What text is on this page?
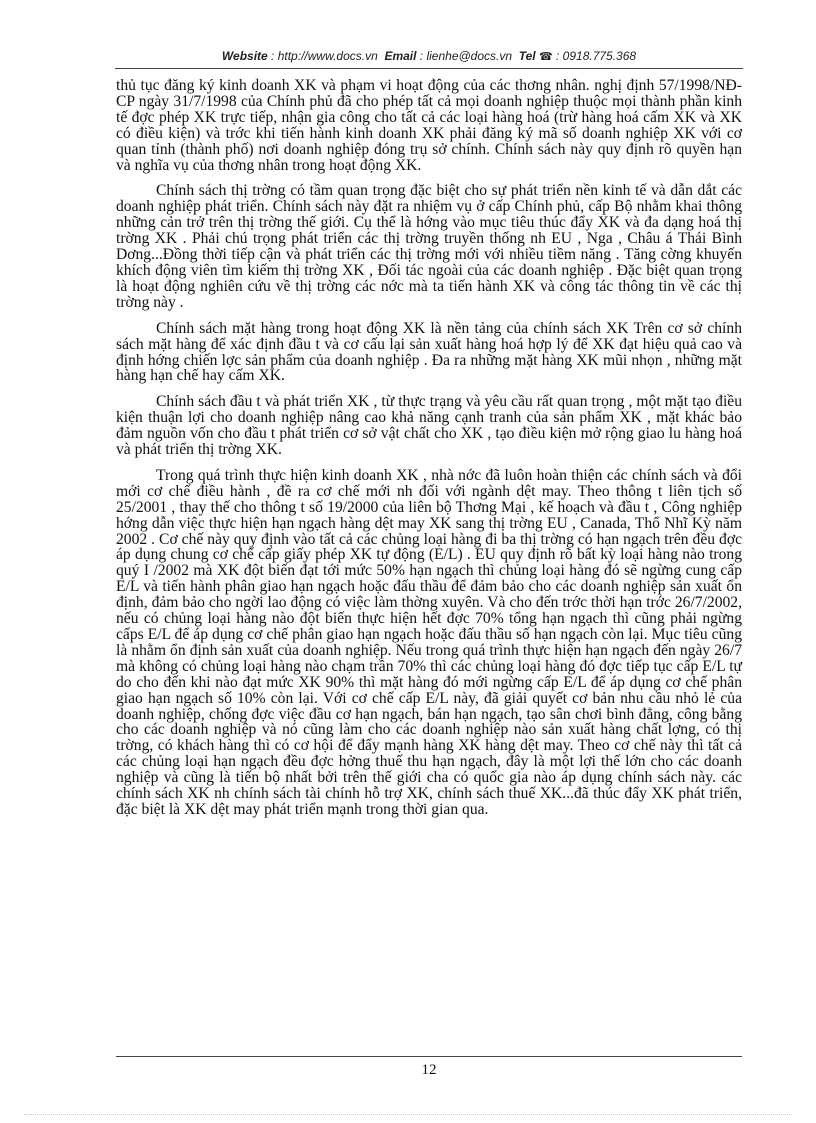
Website : http://www.docs.vn Email : lienhe@docs.vn Tel ☎ : 0918.775.368

thủ tục đăng ký kinh doanh XK và phạm vi hoạt động của các thơng nhân. nghị định 57/1998/NĐ-CP ngày 31/7/1998 của Chính phủ đã cho phép tất cả mọi doanh nghiệp thuộc mọi thành phần kinh tế đợc phép XK trực tiếp, nhận gia công cho tất cả các loại hàng hoá (trừ hàng hoá cấm XK và XK có điều kiện) và trớc khi tiến hành kinh doanh XK phải đăng ký mã số doanh nghiệp XK với cơ quan tỉnh (thành phố) nơi doanh nghiệp đóng trụ sở chính. Chính sách này quy định rõ quyền hạn và nghĩa vụ của thơng nhân trong hoạt động XK.

Chính sách thị trờng có tầm quan trọng đặc biệt cho sự phát triển nền kinh tế và dẫn dắt các doanh nghiệp phát triển. Chính sách này đặt ra nhiệm vụ ở cấp Chính phủ, cấp Bộ nhằm khai thông những cản trở trên thị trờng thế giới. Cụ thể là hớng vào mục tiêu thúc đẩy XK và đa dạng hoá thị trờng XK . Phải chú trọng phát triển các thị trờng truyền thống nh EU , Nga , Châu á Thái Bình Dơng...Đồng thời tiếp cận và phát triển các thị trờng mới với nhiều tiềm năng . Tăng cờng khuyến khích động viên tìm kiếm thị trờng XK , Đối tác ngoài của các doanh nghiệp . Đặc biệt quan trọng là hoạt động nghiên cứu về thị trờng các nớc mà ta tiến hành XK và công tác thông tin về các thị trờng này .

Chính sách mặt hàng trong hoạt động XK là nền tảng của chính sách XK Trên cơ sở chính sách mặt hàng để xác định đầu t và cơ cấu lại sản xuất hàng hoá hợp lý để XK đạt hiệu quả cao và định hớng chiến lợc sản phẩm của doanh nghiệp . Đa ra những mặt hàng XK mũi nhọn , những mặt hàng hạn chế hay cấm XK.

Chính sách đầu t và phát triển XK , từ thực trạng và yêu cầu rất quan trọng , một mặt tạo điều kiện thuận lợi cho doanh nghiệp nâng cao khả năng cạnh tranh của sản phẩm XK , mặt khác bảo đảm nguồn vốn cho đầu t phát triển cơ sở vật chất cho XK , tạo điều kiện mở rộng giao lu hàng hoá và phát triển thị trờng XK.

Trong quá trình thực hiện kinh doanh XK , nhà nớc đã luôn hoàn thiện các chính sách và đổi mới cơ chế điều hành , đề ra cơ chế mới nh đối với ngành dệt may. Theo thông t liên tịch số 25/2001 , thay thế cho thông t số 19/2000 của liên bộ Thơng Mại , kế hoạch và đầu t , Công nghiệp hớng dẫn việc thực hiện hạn ngạch hàng dệt may XK sang thị trờng EU , Canada, Thổ Nhĩ Kỳ năm 2002 . Cơ chế này quy định vào tất cả các chủng loại hàng đi ba thị trờng có hạn ngạch trên đều đợc áp dụng chung cơ chế cấp giấy phép XK tự động (E/L) . EU quy định rõ bất kỳ loại hàng nào trong quý I /2002 mà XK đột biến đạt tới mức 50% hạn ngạch thì chủng loại hàng đó sẽ ngừng cung cấp E/L và tiến hành phân giao hạn ngạch hoặc đấu thầu để đảm bảo cho các doanh nghiệp sản xuất ổn định, đảm bảo cho ngời lao động có việc làm thờng xuyên. Và cho đến trớc thời hạn trớc 26/7/2002, nếu có chủng loại hàng nào đột biến thực hiện hết đợc 70% tổng hạn ngạch thì cũng phải ngừng cấps E/L để áp dụng cơ chế phân giao hạn ngạch hoặc đấu thầu số hạn ngạch còn lại. Mục tiêu cũng là nhằm ổn định sản xuất của doanh nghiệp. Nếu trong quá trình thực hiện hạn ngạch đến ngày 26/7 mà không có chủng loại hàng nào chạm trần 70% thì các chủng loại hàng đó đợc tiếp tục cấp E/L tự do cho đến khi nào đạt mức XK 90% thì mặt hàng đó mới ngừng cấp E/L để áp dụng cơ chế phân giao hạn ngạch số 10% còn lại. Với cơ chế cấp E/L này, đã giải quyết cơ bản nhu cầu nhỏ lẻ của doanh nghiệp, chống đợc việc đầu cơ hạn ngạch, bán hạn ngạch, tạo sân chơi bình đẳng, công bằng cho các doanh nghiệp và nó cũng làm cho các doanh nghiệp nào sản xuất hàng chất lợng, có thị trờng, có khách hàng thì có cơ hội để đẩy mạnh hàng XK hàng dệt may. Theo cơ chế này thì tất cả các chủng loại hạn ngạch đều đợc hởng thuế thu hạn ngạch, đây là một lợi thế lớn cho các doanh nghiệp và cũng là tiến bộ nhất bởi trên thế giới cha có quốc gia nào áp dụng chính sách này. các chính sách XK nh chính sách tài chính hỗ trợ XK, chính sách thuế XK...đã thúc đẩy XK phát triển, đặc biệt là XK dệt may phát triển mạnh trong thời gian qua.

12
